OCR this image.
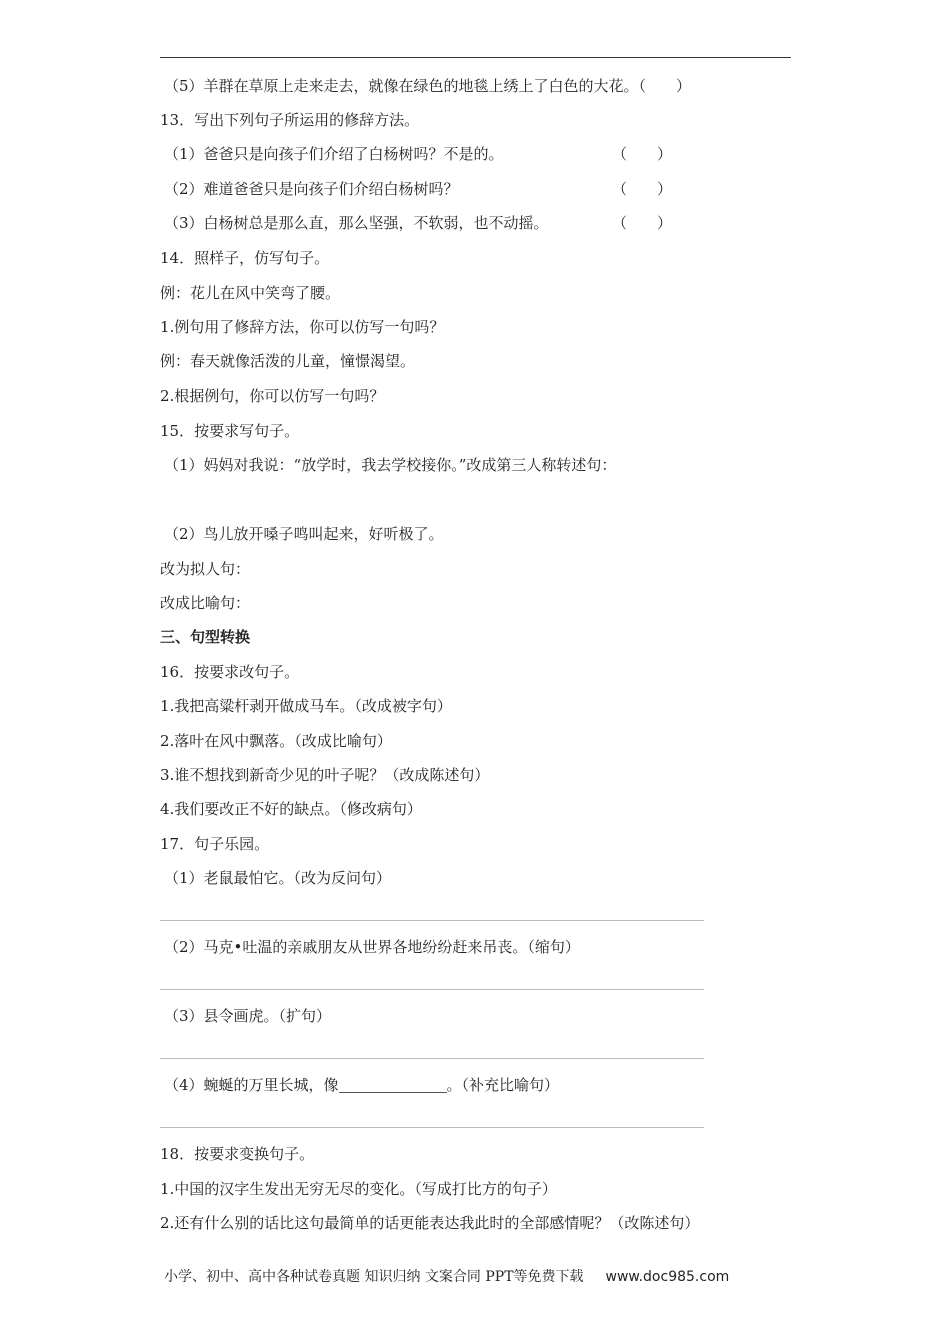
（5）羊群在草原上走来走去，就像在绿色的地毯上绣上了白色的大花。（　　）
13．写出下列句子所运用的修辞方法。
（1）爸爸只是向孩子们介绍了白杨树吗？不是的。	（　　）
（2）难道爸爸只是向孩子们介绍白杨树吗？	（　　）
（3）白杨树总是那么直，那么坚强，不软弱，也不动摇。	（　　）
14．照样子，仿写句子。
例：花儿在风中笑弯了腰。
1.例句用了修辞方法，你可以仿写一句吗？
例：春天就像活泼的儿童，憧憬渴望。
2.根据例句，你可以仿写一句吗？
15．按要求写句子。
（1）妈妈对我说：“放学时，我去学校接你。”改成第三人称转述句：
（2）鸟儿放开嗓子鸣叫起来，好听极了。
改为拟人句：
改成比喻句：
三、句型转换
16．按要求改句子。
1.我把高粱杆剥开做成马车。（改成被字句）
2.落叶在风中飘落。（改成比喻句）
3.谁不想找到新奇少见的叶子呢？（改成陈述句）
4.我们要改正不好的缺点。（修改病句）
17．句子乐园。
（1）老鼠最怕它。（改为反问句）
（2）马克•吐温的亲戚朋友从世界各地纷纷赶来吊丧。（缩句）
（3）县令画虎。（扩句）
（4）蜿蜒的万里长城，像	。（补充比喻句）
18．按要求变换句子。
1.中国的汉字生发出无穷无尽的变化。（写成打比方的句子）
2.还有什么别的话比这句最简单的话更能表达我此时的全部感情呢？（改陈述句）
小学、初中、高中各种试卷真题 知识归纳 文案合同 PPT等免费下载 www.doc985.com
